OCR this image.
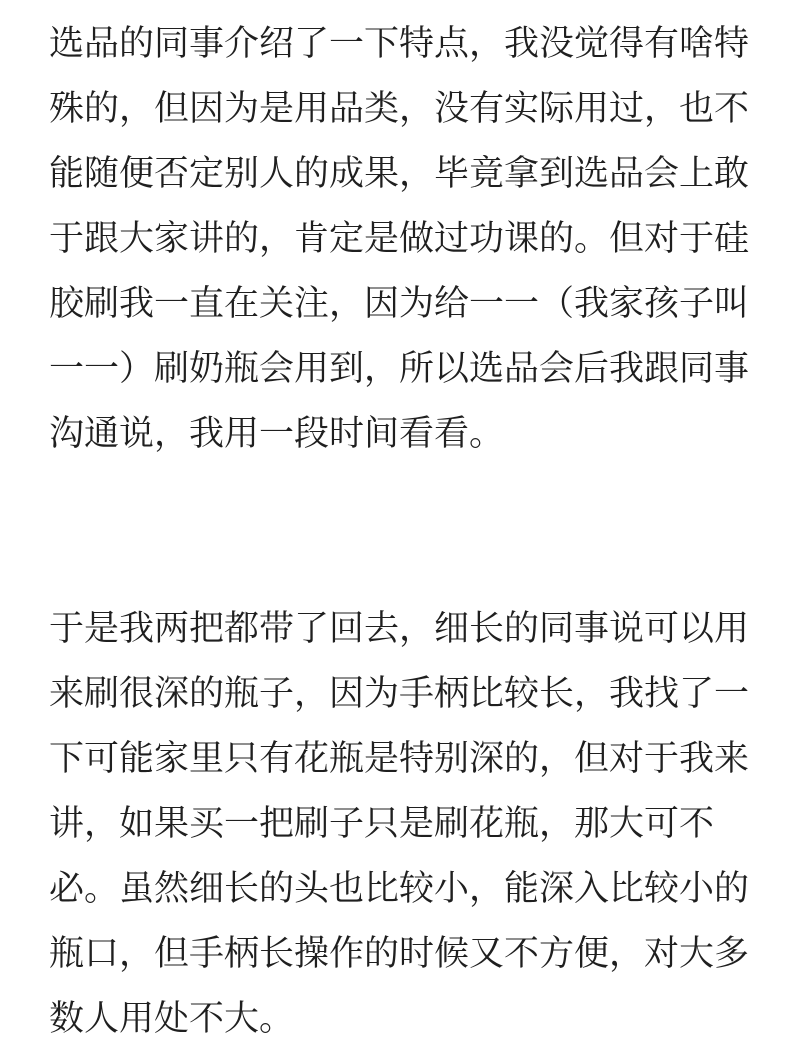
选品的同事介绍了一下特点，我没觉得有啥特
殊的，但因为是用品类，没有实际用过，也不
能随便否定别人的成果，毕竟拿到选品会上敢
于跟大家讲的，肯定是做过功课的。但对于硅
胶刷我一直在关注，因为给一一（我家孩子叫
一一）刷奶瓶会用到，所以选品会后我跟同事
沟通说，我用一段时间看看。

于是我两把都带了回去，细长的同事说可以用
来刷很深的瓶子，因为手柄比较长，我找了一
下可能家里只有花瓶是特别深的，但对于我来
讲，如果买一把刷子只是刷花瓶，那大可不
必。虽然细长的头也比较小，能深入比较小的
瓶口，但手柄长操作的时候又不方便，对大多
数人用处不大。
